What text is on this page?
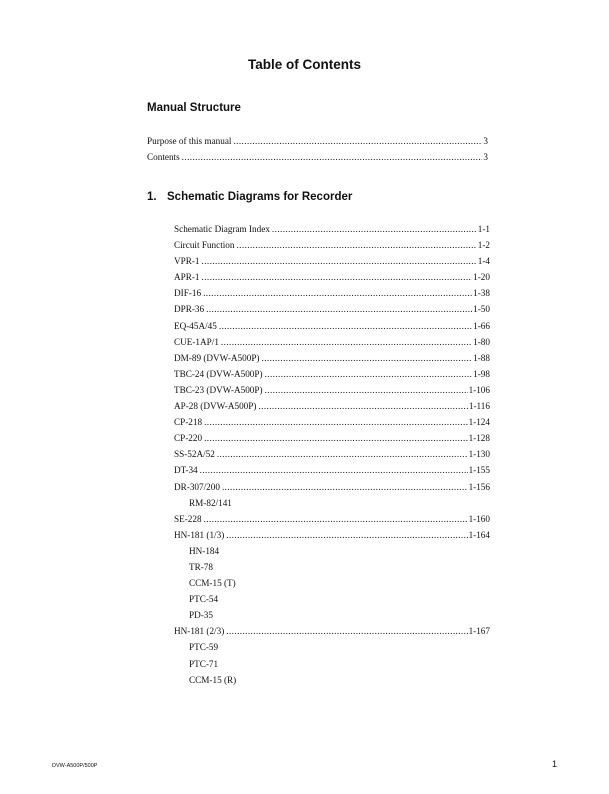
Table of Contents
Manual Structure
Purpose of this manual .....	3
Contents .....	3
1. Schematic Diagrams for Recorder
Schematic Diagram Index .....	1-1
Circuit Function .....	1-2
VPR-1 .....	1-4
APR-1 .....	1-20
DIF-16 .....	1-38
DPR-36 .....	1-50
EQ-45A/45 .....	1-66
CUE-1AP/1 .....	1-80
DM-89 (DVW-A500P) .....	1-88
TBC-24 (DVW-A500P) .....	1-98
TBC-23 (DVW-A500P) .....	1-106
AP-28 (DVW-A500P) .....	1-116
CP-218 .....	1-124
CP-220 .....	1-128
SS-52A/52 .....	1-130
DT-34 .....	1-155
DR-307/200 .....	1-156
RM-82/141
SE-228 .....	1-160
HN-181 (1/3) .....	1-164
HN-184
TR-78
CCM-15 (T)
PTC-54
PD-35
HN-181 (2/3) .....	1-167
PTC-59
PTC-71
CCM-15 (R)
DVW-A500P/500P	1
